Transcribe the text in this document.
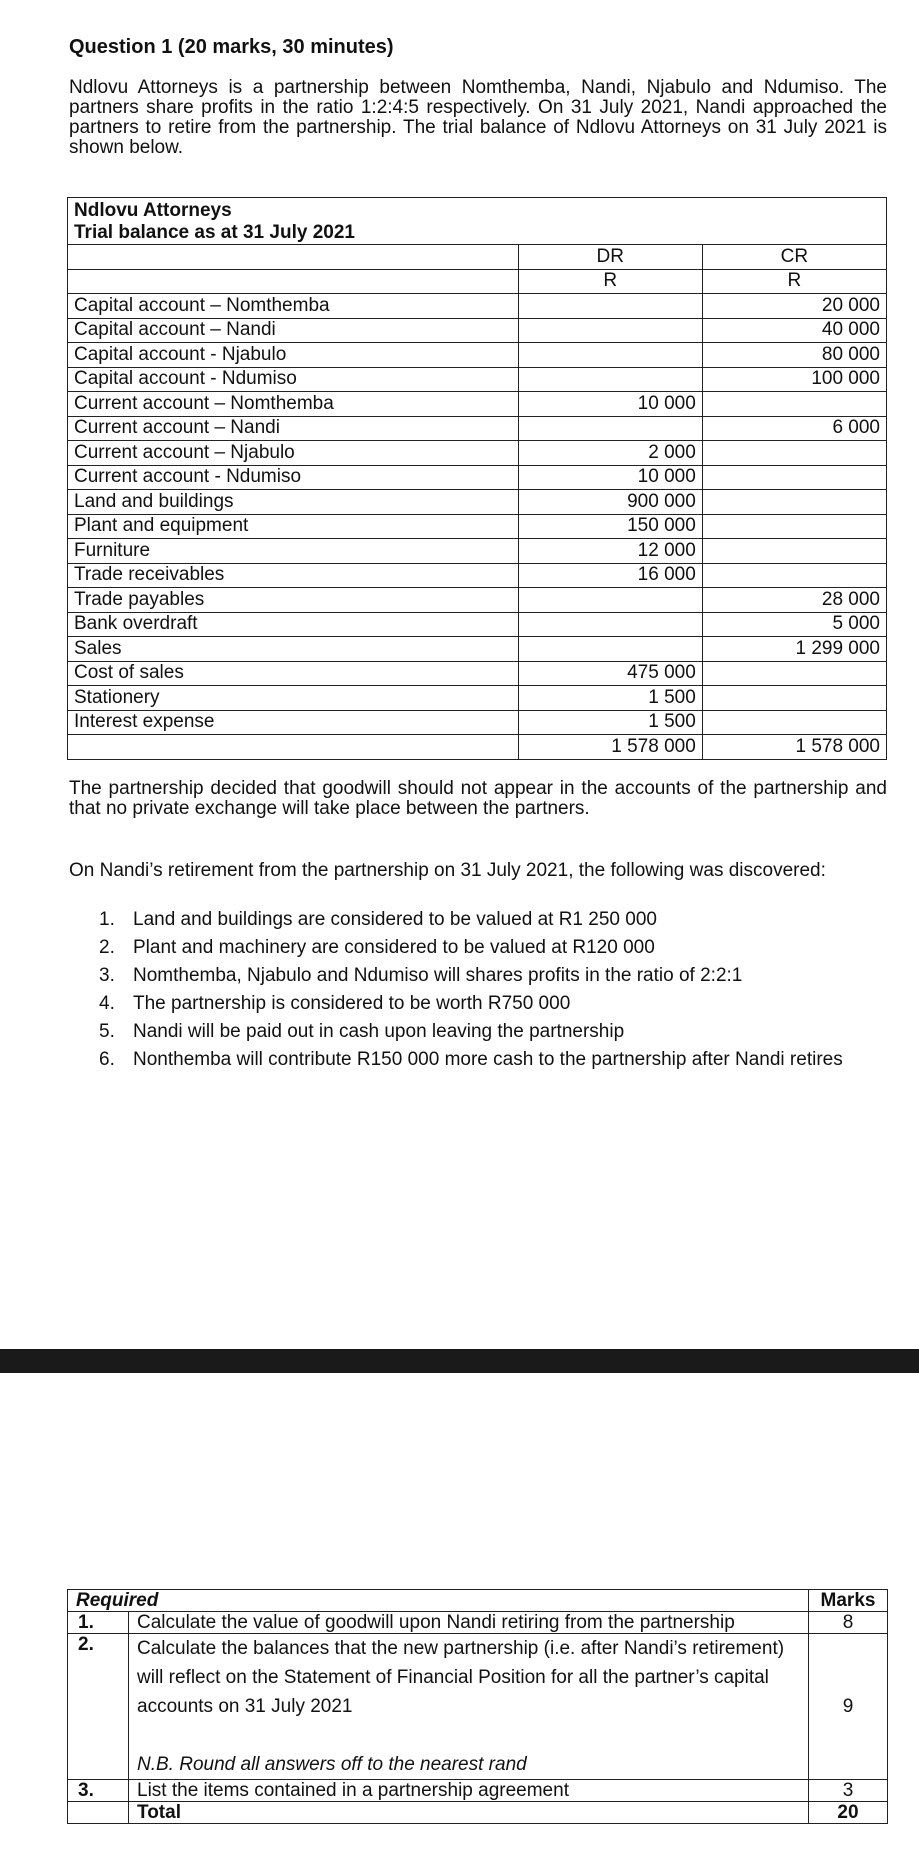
Question 1 (20 marks, 30 minutes)
Ndlovu Attorneys is a partnership between Nomthemba, Nandi, Njabulo and Ndumiso. The partners share profits in the ratio 1:2:4:5 respectively. On 31 July 2021, Nandi approached the partners to retire from the partnership. The trial balance of Ndlovu Attorneys on 31 July 2021 is shown below.
Ndlovu Attorneys
Trial balance as at 31 July 2021		

	DR	CR
	R	R
Capital account – Nomthemba		20 000
Capital account – Nandi		40 000
Capital account - Njabulo		80 000
Capital account - Ndumiso		100 000
Current account – Nomthemba	10 000	
Current account – Nandi		6 000
Current account – Njabulo	2 000	
Current account - Ndumiso	10 000	
Land and buildings	900 000	
Plant and equipment	150 000	
Furniture	12 000	
Trade receivables	16 000	
Trade payables		28 000
Bank overdraft		5 000
Sales		1 299 000
Cost of sales	475 000	
Stationery	1 500	
Interest expense	1 500	
	1 578 000	1 578 000
The partnership decided that goodwill should not appear in the accounts of the partnership and that no private exchange will take place between the partners.
On Nandi’s retirement from the partnership on 31 July 2021, the following was discovered:
1. Land and buildings are considered to be valued at R1 250 000
2. Plant and machinery are considered to be valued at R120 000
3. Nomthemba, Njabulo and Ndumiso will shares profits in the ratio of 2:2:1
4. The partnership is considered to be worth R750 000
5. Nandi will be paid out in cash upon leaving the partnership
6. Nonthemba will contribute R150 000 more cash to the partnership after Nandi retires
Required		Marks
1.	Calculate the value of goodwill upon Nandi retiring from the partnership	8
2.	Calculate the balances that the new partnership (i.e. after Nandi’s retirement) will reflect on the Statement of Financial Position for all the partner’s capital accounts on 31 July 2021
N.B. Round all answers off to the nearest rand	9
3.	List the items contained in a partnership agreement	3
	Total	20
